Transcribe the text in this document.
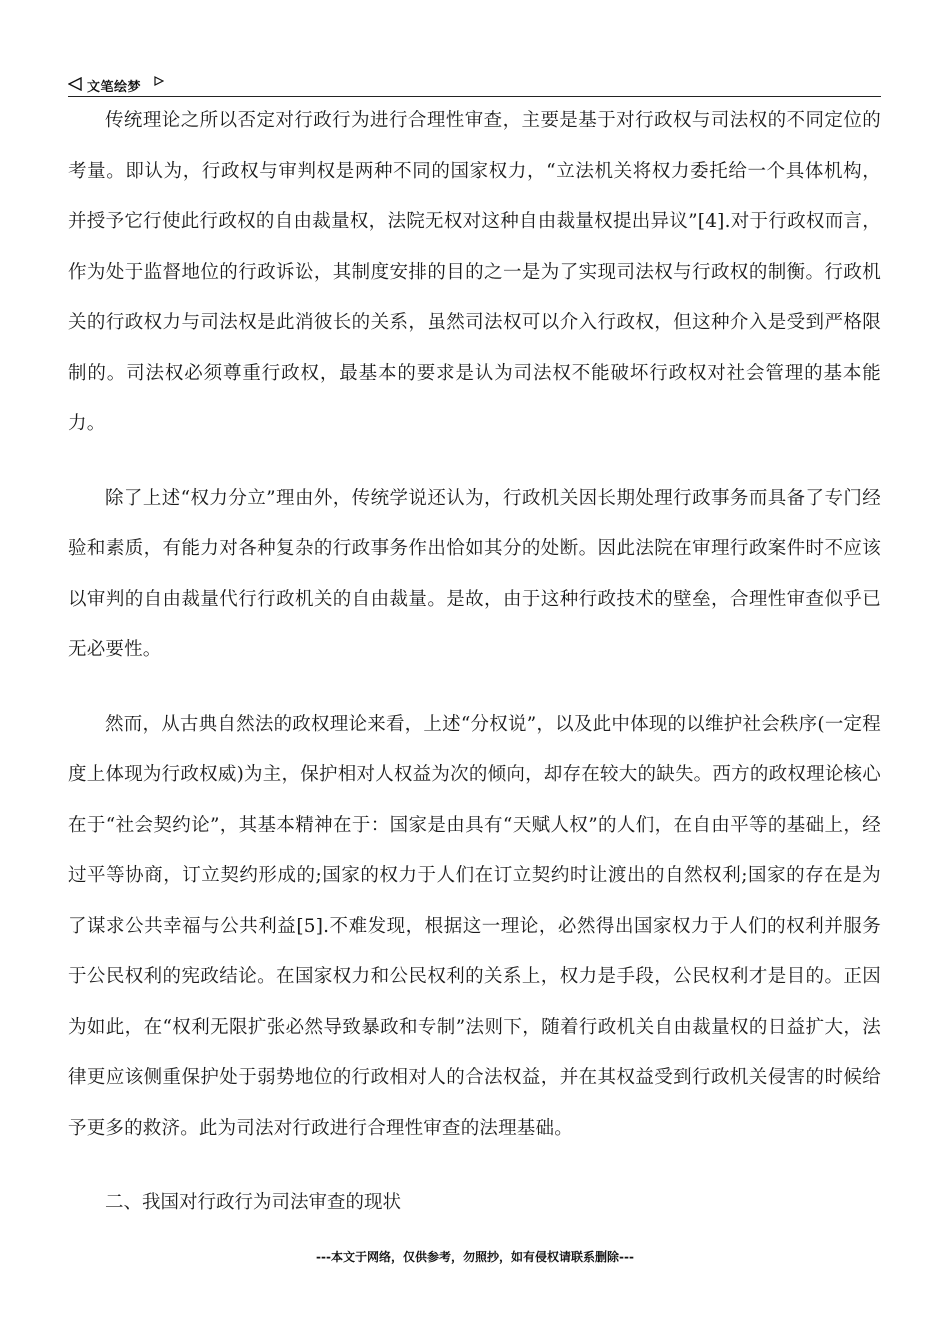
文笔绘梦

传统理论之所以否定对行政行为进行合理性审查，主要是基于对行政权与司法权的不同定位的考量。即认为，行政权与审判权是两种不同的国家权力，“立法机关将权力委托给一个具体机构，并授予它行使此行政权的自由裁量权，法院无权对这种自由裁量权提出异议”[4].对于行政权而言，作为处于监督地位的行政诉讼，其制度安排的目的之一是为了实现司法权与行政权的制衡。行政机关的行政权力与司法权是此消彼长的关系，虽然司法权可以介入行政权，但这种介入是受到严格限制的。司法权必须尊重行政权，最基本的要求是认为司法权不能破坏行政权对社会管理的基本能力。

除了上述“权力分立”理由外，传统学说还认为，行政机关因长期处理行政事务而具备了专门经验和素质，有能力对各种复杂的行政事务作出恰如其分的处断。因此法院在审理行政案件时不应该以审判的自由裁量代行行政机关的自由裁量。是故，由于这种行政技术的壁垒，合理性审查似乎已无必要性。

然而，从古典自然法的政权理论来看，上述“分权说”，以及此中体现的以维护社会秩序(一定程度上体现为行政权威)为主，保护相对人权益为次的倾向，却存在较大的缺失。西方的政权理论核心在于“社会契约论”，其基本精神在于：国家是由具有“天赋人权”的人们，在自由平等的基础上，经过平等协商，订立契约形成的;国家的权力于人们在订立契约时让渡出的自然权利;国家的存在是为了谋求公共幸福与公共利益[5].不难发现，根据这一理论，必然得出国家权力于人们的权利并服务于公民权利的宪政结论。在国家权力和公民权利的关系上，权力是手段，公民权利才是目的。正因为如此，在“权利无限扩张必然导致暴政和专制”法则下，随着行政机关自由裁量权的日益扩大，法律更应该侧重保护处于弱势地位的行政相对人的合法权益，并在其权益受到行政机关侵害的时候给予更多的救济。此为司法对行政进行合理性审查的法理基础。

二、我国对行政行为司法审查的现状

---本文于网络，仅供参考，勿照抄，如有侵权请联系删除---
